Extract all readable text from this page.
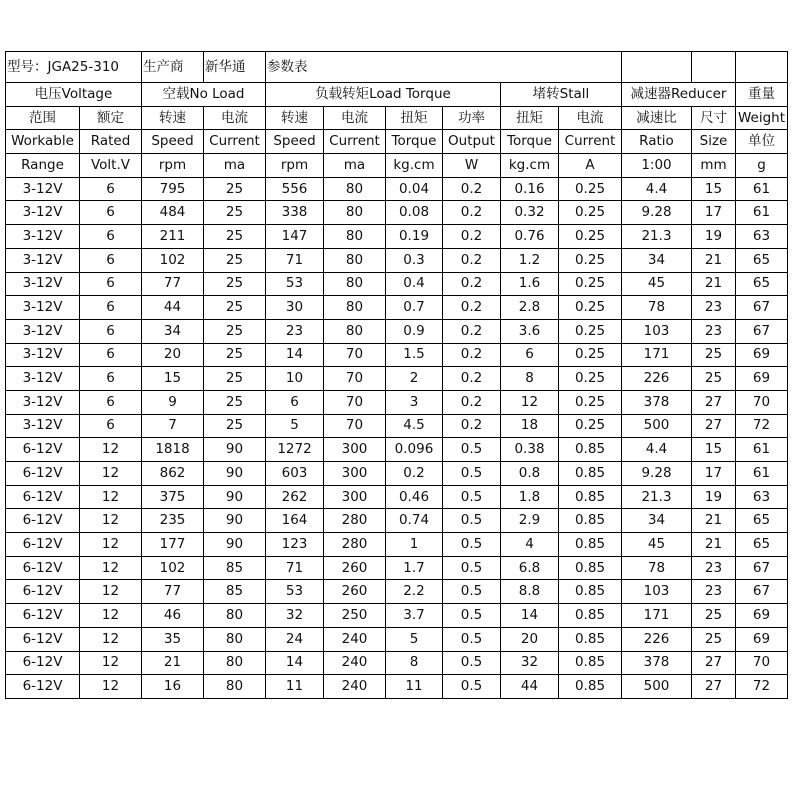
型号：JGA25-310		生产商	新华通	参数表								
电压Voltage		空载No Load		负载转矩Load Torque				堵转Stall		减速器Reducer		重量
范围	额定	转速	电流	转速	电流	扭矩	功率	扭矩	电流	减速比	尺寸	Weight
Workable	Rated	Speed	Current	Speed	Current	Torque	Output	Torque	Current	Ratio	Size	单位
Range	Volt.V	rpm	ma	rpm	ma	kg.cm	W	kg.cm	A	1:00	mm	g
3-12V	6	795	25	556	80	0.04	0.2	0.16	0.25	4.4	15	61
3-12V	6	484	25	338	80	0.08	0.2	0.32	0.25	9.28	17	61
3-12V	6	211	25	147	80	0.19	0.2	0.76	0.25	21.3	19	63
3-12V	6	102	25	71	80	0.3	0.2	1.2	0.25	34	21	65
3-12V	6	77	25	53	80	0.4	0.2	1.6	0.25	45	21	65
3-12V	6	44	25	30	80	0.7	0.2	2.8	0.25	78	23	67
3-12V	6	34	25	23	80	0.9	0.2	3.6	0.25	103	23	67
3-12V	6	20	25	14	70	1.5	0.2	6	0.25	171	25	69
3-12V	6	15	25	10	70	2	0.2	8	0.25	226	25	69
3-12V	6	9	25	6	70	3	0.2	12	0.25	378	27	70
3-12V	6	7	25	5	70	4.5	0.2	18	0.25	500	27	72
6-12V	12	1818	90	1272	300	0.096	0.5	0.38	0.85	4.4	15	61
6-12V	12	862	90	603	300	0.2	0.5	0.8	0.85	9.28	17	61
6-12V	12	375	90	262	300	0.46	0.5	1.8	0.85	21.3	19	63
6-12V	12	235	90	164	280	0.74	0.5	2.9	0.85	34	21	65
6-12V	12	177	90	123	280	1	0.5	4	0.85	45	21	65
6-12V	12	102	85	71	260	1.7	0.5	6.8	0.85	78	23	67
6-12V	12	77	85	53	260	2.2	0.5	8.8	0.85	103	23	67
6-12V	12	46	80	32	250	3.7	0.5	14	0.85	171	25	69
6-12V	12	35	80	24	240	5	0.5	20	0.85	226	25	69
6-12V	12	21	80	14	240	8	0.5	32	0.85	378	27	70
6-12V	12	16	80	11	240	11	0.5	44	0.85	500	27	72
